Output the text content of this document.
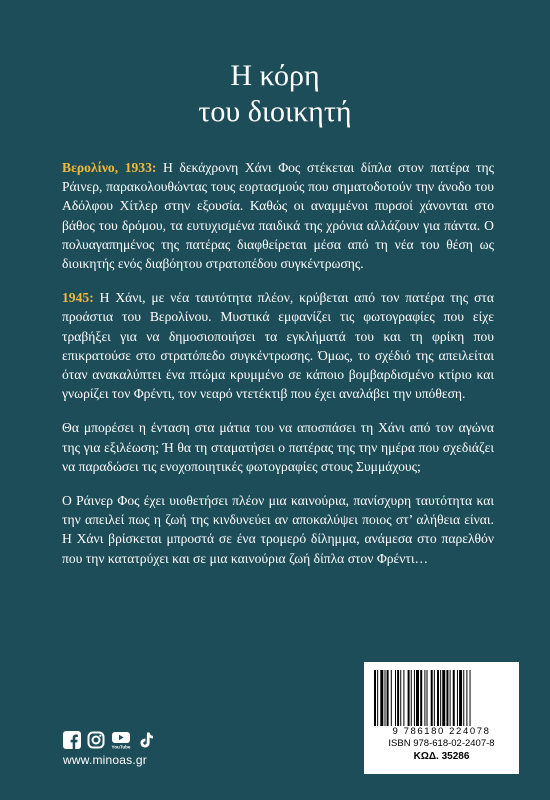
Η κόρη
του διοικητή

Βερολίνο, 1933: Η δεκάχρονη Χάνι Φος στέκεται δίπλα στον πατέρα της Ράινερ, παρακολουθώντας τους εορτασμούς που σηματοδοτούν την άνοδο του Αδόλφου Χίτλερ στην εξουσία. Καθώς οι αναμμένοι πυρσοί χάνονται στο βάθος του δρόμου, τα ευτυχισμένα παιδικά της χρόνια αλλάζουν για πάντα. Ο πολυαγαπημένος της πατέρας διαφθείρεται μέσα από τη νέα του θέση ως διοικητής ενός διαβόητου στρατοπέδου συγκέντρωσης.

1945: Η Χάνι, με νέα ταυτότητα πλέον, κρύβεται από τον πατέρα της στα προάστια του Βερολίνου. Μυστικά εμφανίζει τις φωτογραφίες που είχε τραβήξει για να δημοσιοποιήσει τα εγκλήματά του και τη φρίκη που επικρατούσε στο στρατόπεδο συγκέντρωσης. Όμως, το σχέδιό της απειλείται όταν ανακαλύπτει ένα πτώμα κρυμμένο σε κάποιο βομβαρδισμένο κτίριο και γνωρίζει τον Φρέντι, τον νεαρό ντετέκτιβ που έχει αναλάβει την υπόθεση.

Θα μπορέσει η ένταση στα μάτια του να αποσπάσει τη Χάνι από τον αγώνα της για εξιλέωση; Ή θα τη σταματήσει ο πατέρας της την ημέρα που σχεδιάζει να παραδώσει τις ενοχοποιητικές φωτογραφίες στους Συμμάχους;

Ο Ράινερ Φος έχει υιοθετήσει πλέον μια καινούρια, πανίσχυρη ταυτότητα και την απειλεί πως η ζωή της κινδυνεύει αν αποκαλύψει ποιος στ’ αλήθεια είναι. Η Χάνι βρίσκεται μπροστά σε ένα τρομερό δίλημμα, ανάμεσα στο παρελθόν που την κατατρύχει και σε μια καινούρια ζωή δίπλα στον Φρέντι…

YouTube
www.minoas.gr
9 786180 224078
ISBN 978-618-02-2407-8
ΚΩΔ. 35286
